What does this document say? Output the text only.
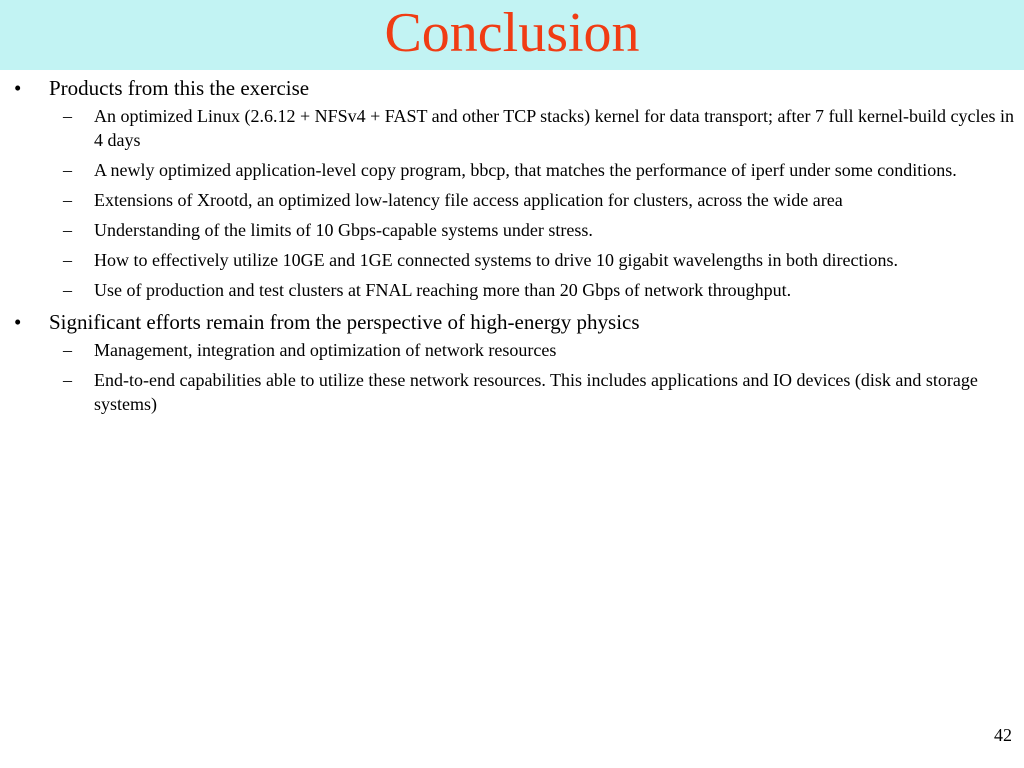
Conclusion
• Products from this the exercise
– An optimized Linux (2.6.12 + NFSv4 + FAST and other TCP stacks) kernel for data transport; after 7 full kernel-build cycles in 4 days
– A newly optimized application-level copy program, bbcp, that matches the performance of iperf under some conditions.
– Extensions of Xrootd, an optimized low-latency file access application for clusters, across the wide area
– Understanding of the limits of 10 Gbps-capable systems under stress.
– How to effectively utilize 10GE and 1GE connected systems to drive 10 gigabit wavelengths in both directions.
– Use of production and test clusters at FNAL reaching more than 20 Gbps of network throughput.
• Significant efforts remain from the perspective of high-energy physics
– Management, integration and optimization of network resources
– End-to-end capabilities able to utilize these network resources. This includes applications and IO devices (disk and storage systems)
42
